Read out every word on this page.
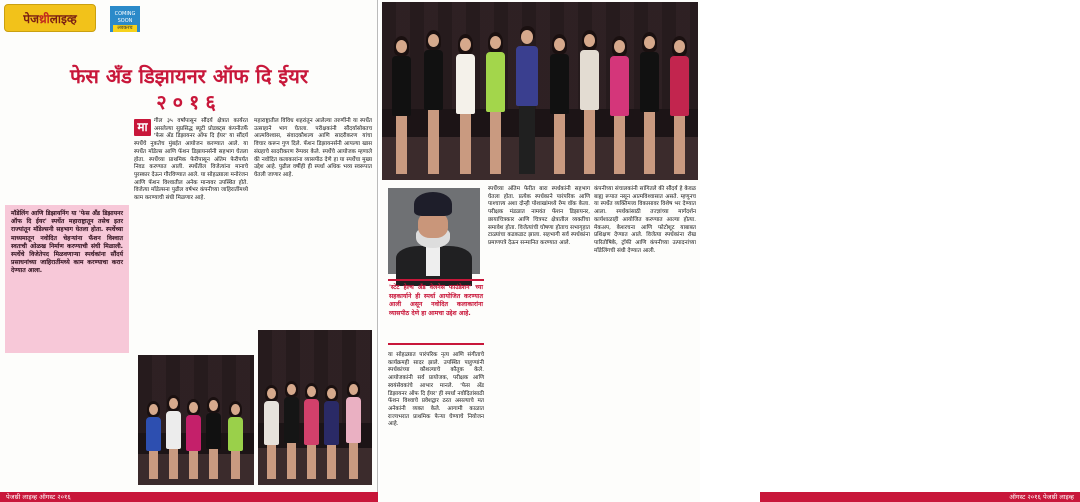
पेजथ्रीलाइव्ह	COMING SOON
लवकरच
फेस अँड डिझायनर ऑफ दि ईयर
२०१६
मा	गील ३५ वर्षांपासून सौंदर्य क्षेत्रात कार्यरत असलेल्या सुप्रसिद्ध ब्यूटी प्रोडक्ट्स कंपनीतर्फे 'फेस अँड डिझायनर ऑफ दि ईयर' या सौंदर्य स्पर्धेचे नुकतेच मुंबईत आयोजन करण्यात आले. या स्पर्धेत मॉडेल्स आणि फॅशन डिझायनर्सनी सहभाग घेतला होता. स्पर्धेच्या प्राथमिक फेरीपासून अंतिम फेरीपर्यंत निवड करण्यात आली. स्पर्धेतील विजेत्यांना मानाचे पुरस्कार देऊन गौरविण्यात आले. या सोहळ्याला मनोरंजन आणि फॅशन विश्वातील अनेक मान्यवर उपस्थित होते. विजेत्या मॉडेल्सना पुढील वर्षभर कंपनीच्या जाहिरातींमध्ये काम करण्याची संधी मिळणार आहे.
महाराष्ट्रातील विविध शहरांतून आलेल्या तरुणींनी या स्पर्धेत उत्साहाने भाग घेतला. परीक्षकांनी सौंदर्यासोबतच आत्मविश्वास, संवादकौशल्य आणि सादरीकरण यांचा विचार करून गुण दिले. फॅशन डिझायनर्सनी आपल्या खास संग्रहाचे सादरीकरण रॅम्पवर केले. स्पर्धेचे आयोजक म्हणाले की नवोदित कलाकारांना व्यासपीठ देणे हा या स्पर्धेचा मुख्य उद्देश आहे. पुढील वर्षीही ही स्पर्धा अधिक भव्य स्वरूपात घेतली जाणार आहे.
मॉडेलिंग आणि डिझायनिंग या 'फेस अँड डिझायनर ऑफ दि ईयर' स्पर्धेत महाराष्ट्रातून तसेच इतर राज्यांतून मॉडेल्सनी सहभाग घेतला होता. स्पर्धेच्या माध्यमातून नवोदित चेहऱ्यांना फॅशन विश्वात स्वतःची ओळख निर्माण करण्याची संधी मिळाली. स्पर्धेचे विजेतेपद मिळवणाऱ्या स्पर्धकांना सौंदर्य प्रसाधनांच्या जाहिरातींमध्ये काम करण्याचा करार देण्यात आला.
पेजथ्री लाइव्ह ऑगस्ट २०१६
स्पर्धेच्या अंतिम फेरीत बारा स्पर्धकांनी सहभाग घेतला होता. प्रत्येक स्पर्धकाने पारंपरिक आणि पाश्चात्त्य अशा दोन्ही पोशाखांमध्ये रॅम्प वॉक केला. परीक्षक मंडळात नामवंत फॅशन डिझायनर, छायाचित्रकार आणि चित्रपट क्षेत्रातील व्यक्तींचा समावेश होता. विजेत्यांची घोषणा होताच सभागृहात टाळ्यांचा कडकडाट झाला. सहभागी सर्व स्पर्धकांना प्रमाणपत्रे देऊन सन्मानित करण्यात आले.
कंपनीच्या संचालकांनी सांगितले की सौंदर्य हे केवळ बाह्य रूपात नसून आत्मविश्वासात असते. म्हणूनच या स्पर्धेत व्यक्तिमत्त्व विकासावर विशेष भर देण्यात आला. स्पर्धकांसाठी तज्ज्ञांच्या मार्गदर्शन कार्यशाळाही आयोजित करण्यात आल्या होत्या. मेकअप, केशरचना आणि फोटोशूट याबाबत प्रशिक्षण देण्यात आले. विजेत्या स्पर्धकांना रोख पारितोषिके, ट्रॉफी आणि कंपनीच्या उत्पादनांच्या मॉडेलिंगची संधी देण्यात आली.
या सोहळ्यात पारंपरिक नृत्य आणि संगीताचे कार्यक्रमही सादर झाले. उपस्थित पाहुण्यांनी स्पर्धकांच्या कौशल्याचे कौतुक केले. आयोजकांनी सर्व प्रायोजक, परीक्षक आणि स्वयंसेवकांचे आभार मानले. 'फेस अँड डिझायनर ऑफ दि ईयर' ही स्पर्धा नवोदितांसाठी फॅशन विश्वाचे प्रवेशद्वार ठरत असल्याचे मत अनेकांनी व्यक्त केले. आगामी काळात राज्यभरात प्राथमिक फेऱ्या घेण्याचे नियोजन आहे.
ऑगस्ट २०१६ पेजथ्री लाइव्ह
'स्टेट हेल्थ अँड वेलनेस फाउंडेशन' च्या सहकार्याने ही स्पर्धा आयोजित करण्यात आली असून नवोदित कलाकारांना व्यासपीठ देणे हा आमचा उद्देश आहे.
